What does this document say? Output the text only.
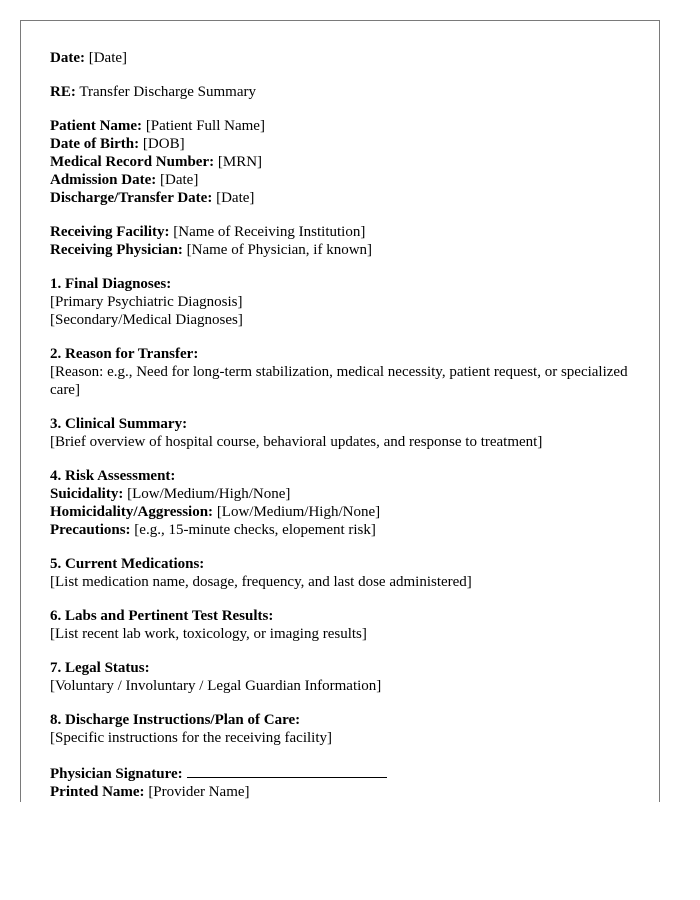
Date: [Date]

RE: Transfer Discharge Summary

Patient Name: [Patient Full Name]
Date of Birth: [DOB]
Medical Record Number: [MRN]
Admission Date: [Date]
Discharge/Transfer Date: [Date]

Receiving Facility: [Name of Receiving Institution]
Receiving Physician: [Name of Physician, if known]

1. Final Diagnoses:
[Primary Psychiatric Diagnosis]
[Secondary/Medical Diagnoses]

2. Reason for Transfer:
[Reason: e.g., Need for long-term stabilization, medical necessity, patient request, or specialized care]

3. Clinical Summary:
[Brief overview of hospital course, behavioral updates, and response to treatment]

4. Risk Assessment:
Suicidality: [Low/Medium/High/None]
Homicidality/Aggression: [Low/Medium/High/None]
Precautions: [e.g., 15-minute checks, elopement risk]

5. Current Medications:
[List medication name, dosage, frequency, and last dose administered]

6. Labs and Pertinent Test Results:
[List recent lab work, toxicology, or imaging results]

7. Legal Status:
[Voluntary / Involuntary / Legal Guardian Information]

8. Discharge Instructions/Plan of Care:
[Specific instructions for the receiving facility]

Physician Signature:
Printed Name: [Provider Name]
